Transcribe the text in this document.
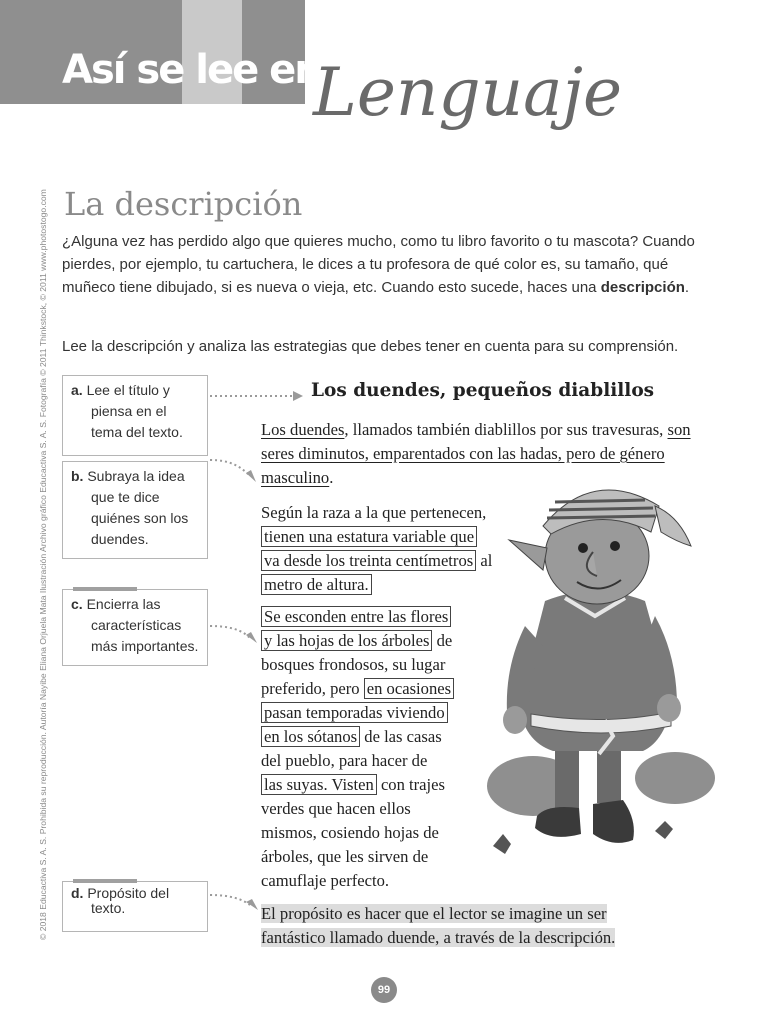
Así se lee en
Lenguaje
© 2018 Educactiva S. A. S. Prohibida su reproducción. Autoría Nayibe Eliana Orjuela Mata Ilustración Archivo gráfico Educactiva S. A. S. Fotografía © 2011 Thinkstock, © 2011 www.photostogo.com La descripción

¿Alguna vez has perdido algo que quieres mucho, como tu libro favorito o tu mascota? Cuando pierdes, por ejemplo, tu cartuchera, le dices a tu profesora de qué color es, su tamaño, qué muñeco tiene dibujado, si es nueva o vieja, etc. Cuando esto sucede, haces una descripción.

Lee la descripción y analiza las estrategias que debes tener en cuenta para su comprensión.

a. Lee el título y piensa en el tema del texto.
b. Subraya la idea que te dice quiénes son los duendes.
c. Encierra las características más importantes.
d. Propósito del texto.
Los duendes, pequeños diablillos

Los duendes, llamados también diablillos por sus travesuras, son seres diminutos, emparentados con las hadas, pero de género masculino.

Según la raza a la que pertenecen,
tienen una estatura variable que
va desde los treinta centímetros al
metro de altura.
Se esconden entre las flores
y las hojas de los árboles de
bosques frondosos, su lugar
preferido, pero en ocasiones
pasan temporadas viviendo
en los sótanos de las casas
del pueblo, para hacer de
las suyas. Visten con trajes
verdes que hacen ellos
mismos, cosiendo hojas de
árboles, que les sirven de
camuflaje perfecto.
El propósito es hacer que el lector se imagine un ser
fantástico llamado duende, a través de la descripción.
99
